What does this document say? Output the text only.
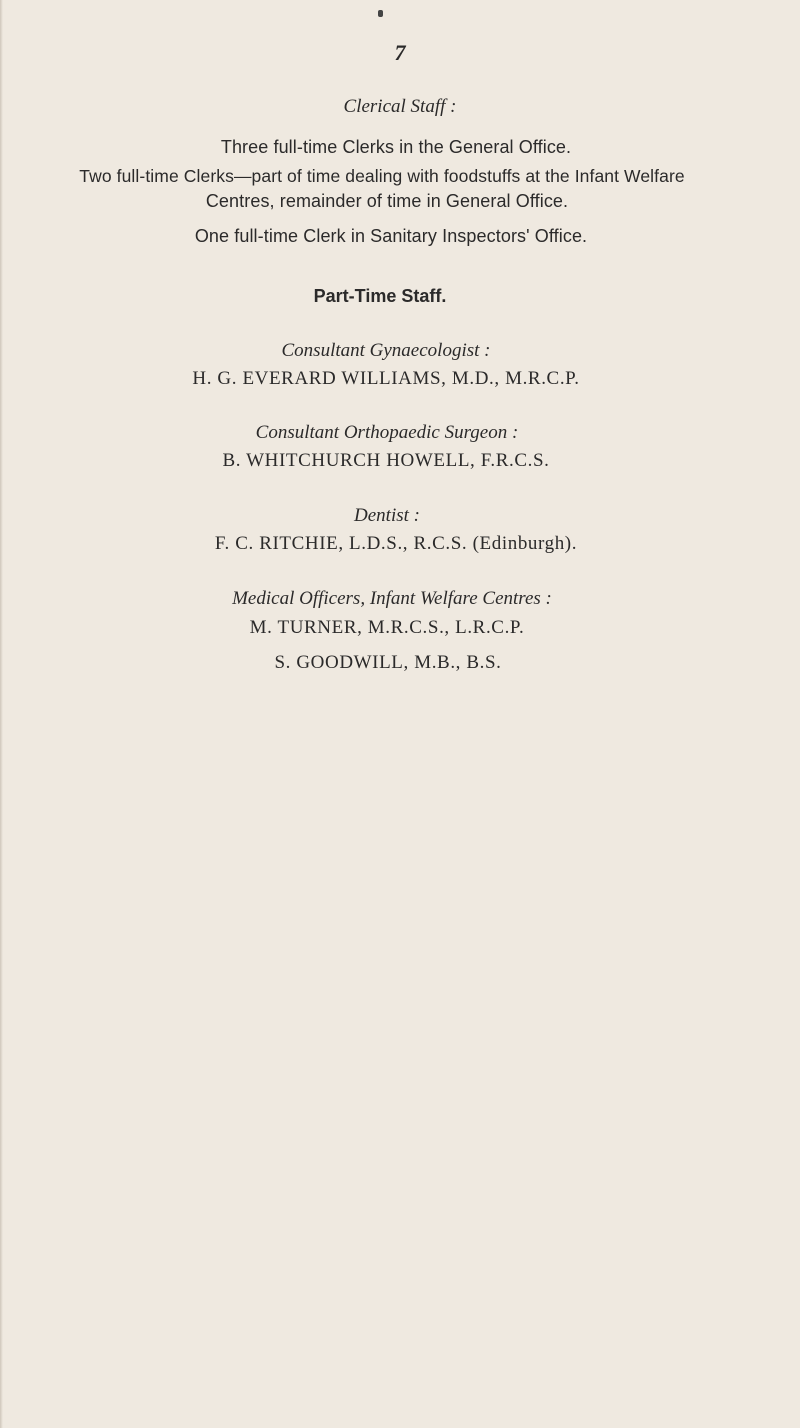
7
Clerical Staff :
Three full-time Clerks in the General Office.
Two full-time Clerks—part of time dealing with foodstuffs at the Infant Welfare
Centres, remainder of time in General Office.
One full-time Clerk in Sanitary Inspectors' Office.
Part-Time Staff.
Consultant Gynaecologist :
H. G. EVERARD WILLIAMS, M.D., M.R.C.P.
Consultant Orthopaedic Surgeon :
B. WHITCHURCH HOWELL, F.R.C.S.
Dentist :
F. C. RITCHIE, L.D.S., R.C.S. (Edinburgh).
Medical Officers, Infant Welfare Centres :
M. TURNER, M.R.C.S., L.R.C.P.
S. GOODWILL, M.B., B.S.
